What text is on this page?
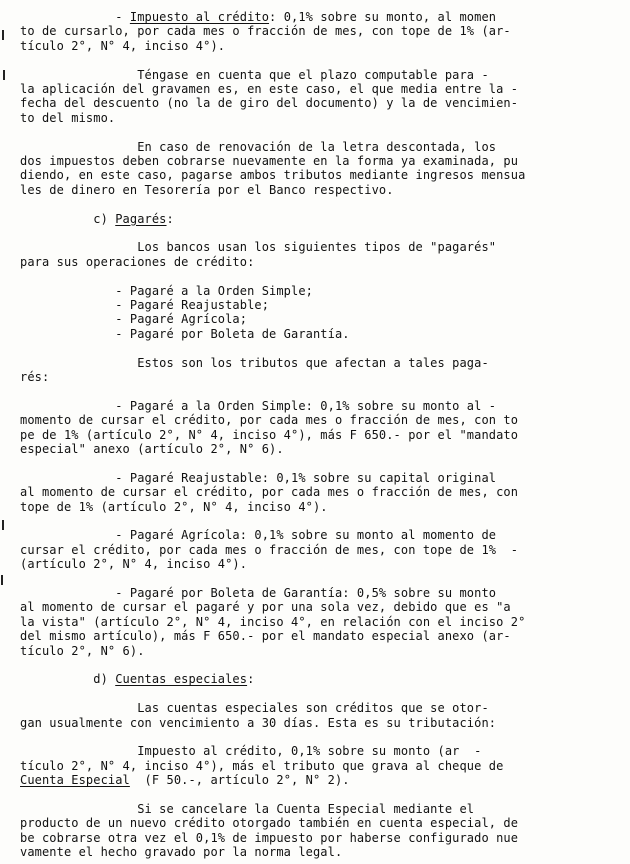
- Impuesto al crédito: 0,1% sobre su monto, al momen
to de cursarlo, por cada mes o fracción de mes, con tope de 1% (ar-
tículo 2°, N° 4, inciso 4°).
Téngase en cuenta que el plazo computable para -
la aplicación del gravamen es, en este caso, el que media entre la -
fecha del descuento (no la de giro del documento) y la de vencimien-
to del mismo.
En caso de renovación de la letra descontada, los
dos impuestos deben cobrarse nuevamente en la forma ya examinada, pu
diendo, en este caso, pagarse ambos tributos mediante ingresos mensua
les de dinero en Tesorería por el Banco respectivo.
c) Pagarés:
Los bancos usan los siguientes tipos de "pagarés"
para sus operaciones de crédito:
- Pagaré a la Orden Simple;
- Pagaré Reajustable;
- Pagaré Agrícola;
- Pagaré por Boleta de Garantía.
Estos son los tributos que afectan a tales paga-
rés:
- Pagaré a la Orden Simple: 0,1% sobre su monto al -
momento de cursar el crédito, por cada mes o fracción de mes, con to
pe de 1% (artículo 2°, N° 4, inciso 4°), más F 650.- por el "mandato
especial" anexo (artículo 2°, N° 6).
- Pagaré Reajustable: 0,1% sobre su capital original
al momento de cursar el crédito, por cada mes o fracción de mes, con
tope de 1% (artículo 2°, N° 4, inciso 4°).
- Pagaré Agrícola: 0,1% sobre su monto al momento de
cursar el crédito, por cada mes o fracción de mes, con tope de 1%  -
(artículo 2°, N° 4, inciso 4°).
- Pagaré por Boleta de Garantía: 0,5% sobre su monto
al momento de cursar el pagaré y por una sola vez, debido que es "a
la vista" (artículo 2°, N° 4, inciso 4°, en relación con el inciso 2°
del mismo artículo), más F 650.- por el mandato especial anexo (ar-
tículo 2°, N° 6).
d) Cuentas especiales:
Las cuentas especiales son créditos que se otor-
gan usualmente con vencimiento a 30 días. Esta es su tributación:
Impuesto al crédito, 0,1% sobre su monto (ar  -
tículo 2°, N° 4, inciso 4°), más el tributo que grava al cheque de
Cuenta Especial  (F 50.-, artículo 2°, N° 2).
Si se cancelare la Cuenta Especial mediante el
producto de un nuevo crédito otorgado también en cuenta especial, de
be cobrarse otra vez el 0,1% de impuesto por haberse configurado nue
vamente el hecho gravado por la norma legal.
